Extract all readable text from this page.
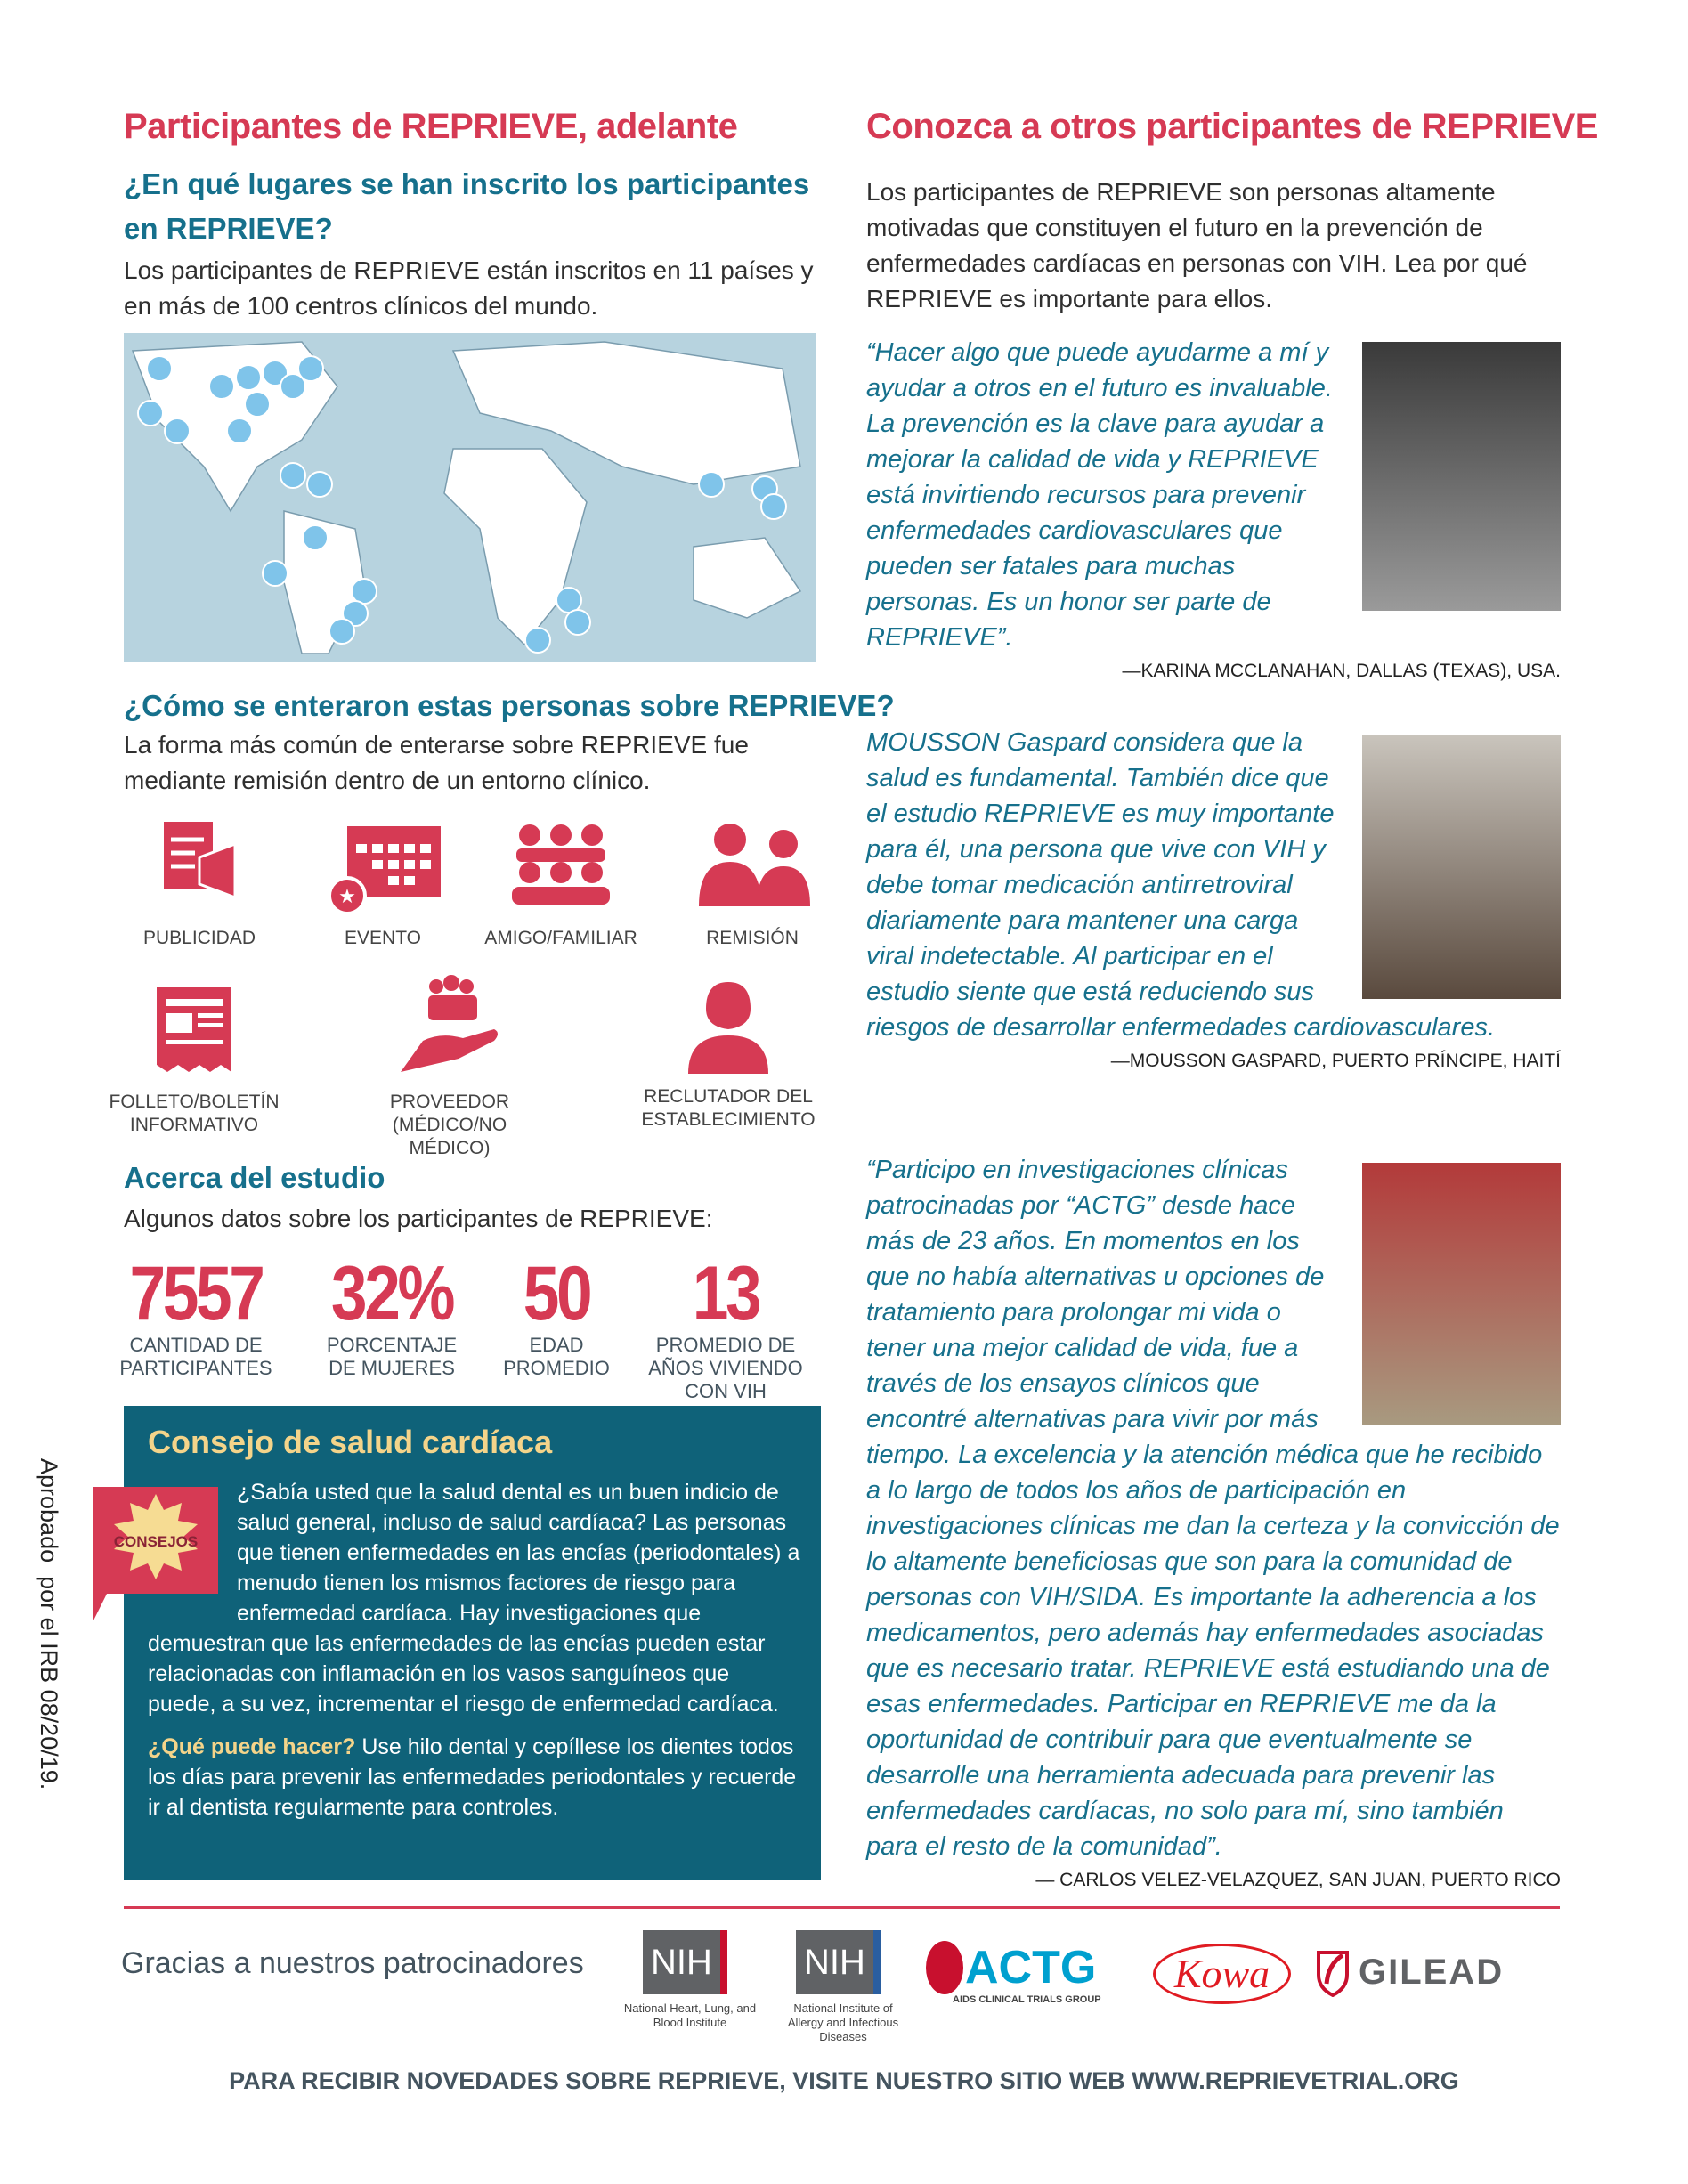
Participantes de REPRIEVE, adelante
¿En qué lugares se han inscrito los participantes en REPRIEVE?

Los participantes de REPRIEVE están inscritos en 11 países y en más de 100 centros clínicos del mundo.

¿Cómo se enteraron estas personas sobre REPRIEVE?

La forma más común de enterarse sobre REPRIEVE fue mediante remisión dentro de un entorno clínico.

PUBLICIDAD
★
EVENTO	AMIGO/FAMILIAR	REMISIÓN
FOLLETO/BOLETÍN INFORMATIVO
PROVEEDOR (MÉDICO/NO MÉDICO)
RECLUTADOR DEL ESTABLECIMIENTO
Acerca del estudio

Algunos datos sobre los participantes de REPRIEVE:

7557
CANTIDAD DE PARTICIPANTES
32%
PORCENTAJE DE MUJERES
50
EDAD PROMEDIO
13
PROMEDIO DE AÑOS VIVIENDO CON VIH
Consejo de salud cardíaca
¿Sabía usted que la salud dental es un buen indicio de salud general, incluso de salud cardíaca? Las personas que tienen enfermedades en las encías (periodontales) a menudo tienen los mismos factores de riesgo para enfermedad cardíaca. Hay investigaciones que demuestran que las enfermedades de las encías pueden estar relacionadas con inflamación en los vasos sanguíneos que puede, a su vez, incrementar el riesgo de enfermedad cardíaca.
¿Qué puede hacer? Use hilo dental y cepíllese los dientes todos los días para prevenir las enfermedades periodontales y recuerde ir al dentista regularmente para controles.
CONSEJOS
Aprobado  por el IRB 08/20/19.
Conozca a otros participantes de REPRIEVE

Los participantes de REPRIEVE son personas altamente motivadas que constituyen el futuro en la prevención de enfermedades cardíacas en personas con VIH. Lea por qué REPRIEVE es importante para ellos.

“Hacer algo que puede ayudarme a mí y ayudar a otros en el futuro es invaluable. La prevención es la clave para ayudar a mejorar la calidad de vida y REPRIEVE está invirtiendo recursos para prevenir enfermedades cardiovasculares que pueden ser fatales para muchas personas. Es un honor ser parte de REPRIEVE”.
—KARINA MCCLANAHAN, DALLAS (TEXAS), USA.
MOUSSON Gaspard considera que la salud es fundamental. También dice que el estudio REPRIEVE es muy importante para él, una persona que vive con VIH y debe tomar medicación antirretroviral diariamente para mantener una carga viral indetectable. Al participar en el estudio siente que está reduciendo sus riesgos de desarrollar enfermedades cardiovasculares.
—MOUSSON GASPARD, PUERTO PRÍNCIPE, HAITÍ
“Participo en investigaciones clínicas patrocinadas por “ACTG” desde hace más de 23 años. En momentos en los que no había alternativas u opciones de tratamiento para prolongar mi vida o tener una mejor calidad de vida, fue a través de los ensayos clínicos que encontré alternativas para vivir por más tiempo. La excelencia y la atención médica que he recibido a lo largo de todos los años de participación en investigaciones clínicas me dan la certeza y la convicción de lo altamente beneficiosas que son para la comunidad de personas con VIH/SIDA. Es importante la adherencia a los medicamentos, pero además hay enfermedades asociadas que es necesario tratar. REPRIEVE está estudiando una de esas enfermedades. Participar en REPRIEVE me da la oportunidad de contribuir para que eventualmente se desarrolle una herramienta adecuada para prevenir las enfermedades cardíacas, no solo para mí, sino también para el resto de la comunidad”.
— CARLOS VELEZ-VELAZQUEZ, SAN JUAN, PUERTO RICO
Gracias a nuestros patrocinadores NIH
National Heart, Lung, and Blood Institute
NIH
National Institute of Allergy and Infectious Diseases
ACTG
AIDS CLINICAL TRIALS GROUP
Kowa	GILEAD
PARA RECIBIR NOVEDADES SOBRE REPRIEVE, VISITE NUESTRO SITIO WEB WWW.REPRIEVETRIAL.ORG
